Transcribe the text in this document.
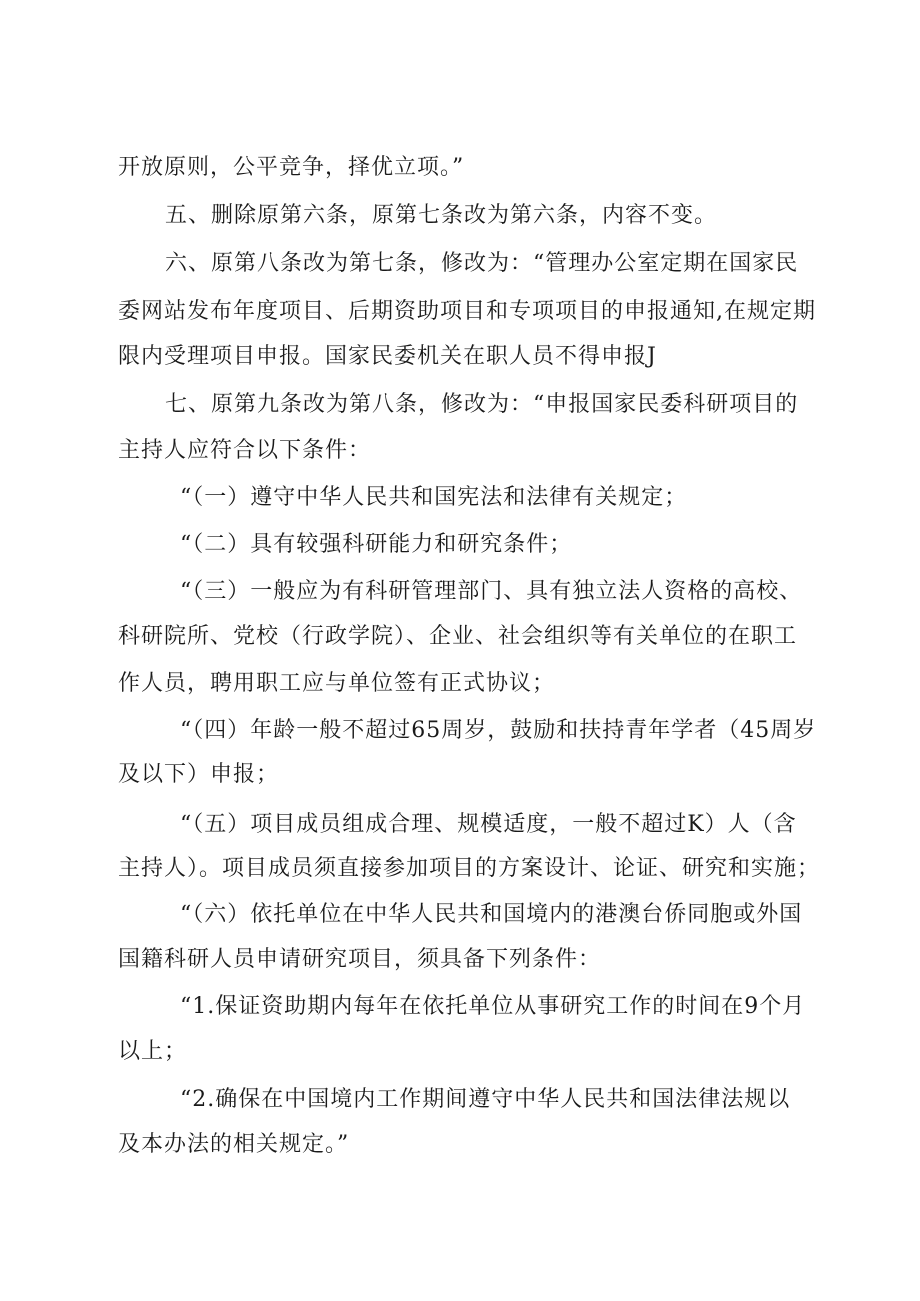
开放原则，公平竞争，择优立项。”
五、删除原第六条，原第七条改为第六条，内容不变。
六、原第八条改为第七条，修改为：“管理办公室定期在国家民
委网站发布年度项目、后期资助项目和专项项目的申报通知,在规定期
限内受理项目申报。国家民委机关在职人员不得申报J
七、原第九条改为第八条，修改为：“申报国家民委科研项目的
主持人应符合以下条件：
“（一）遵守中华人民共和国宪法和法律有关规定；
“（二）具有较强科研能力和研究条件；
“（三）一般应为有科研管理部门、具有独立法人资格的高校、
科研院所、党校（行政学院）、企业、社会组织等有关单位的在职工
作人员，聘用职工应与单位签有正式协议；
“（四）年龄一般不超过65周岁，鼓励和扶持青年学者（45周岁
及以下）申报；
“（五）项目成员组成合理、规模适度，一般不超过K）人（含
主持人）。项目成员须直接参加项目的方案设计、论证、研究和实施；
“（六）依托单位在中华人民共和国境内的港澳台侨同胞或外国
国籍科研人员申请研究项目，须具备下列条件：
“1.保证资助期内每年在依托单位从事研究工作的时间在9个月
以上；
“2.确保在中国境内工作期间遵守中华人民共和国法律法规以
及本办法的相关规定。”
